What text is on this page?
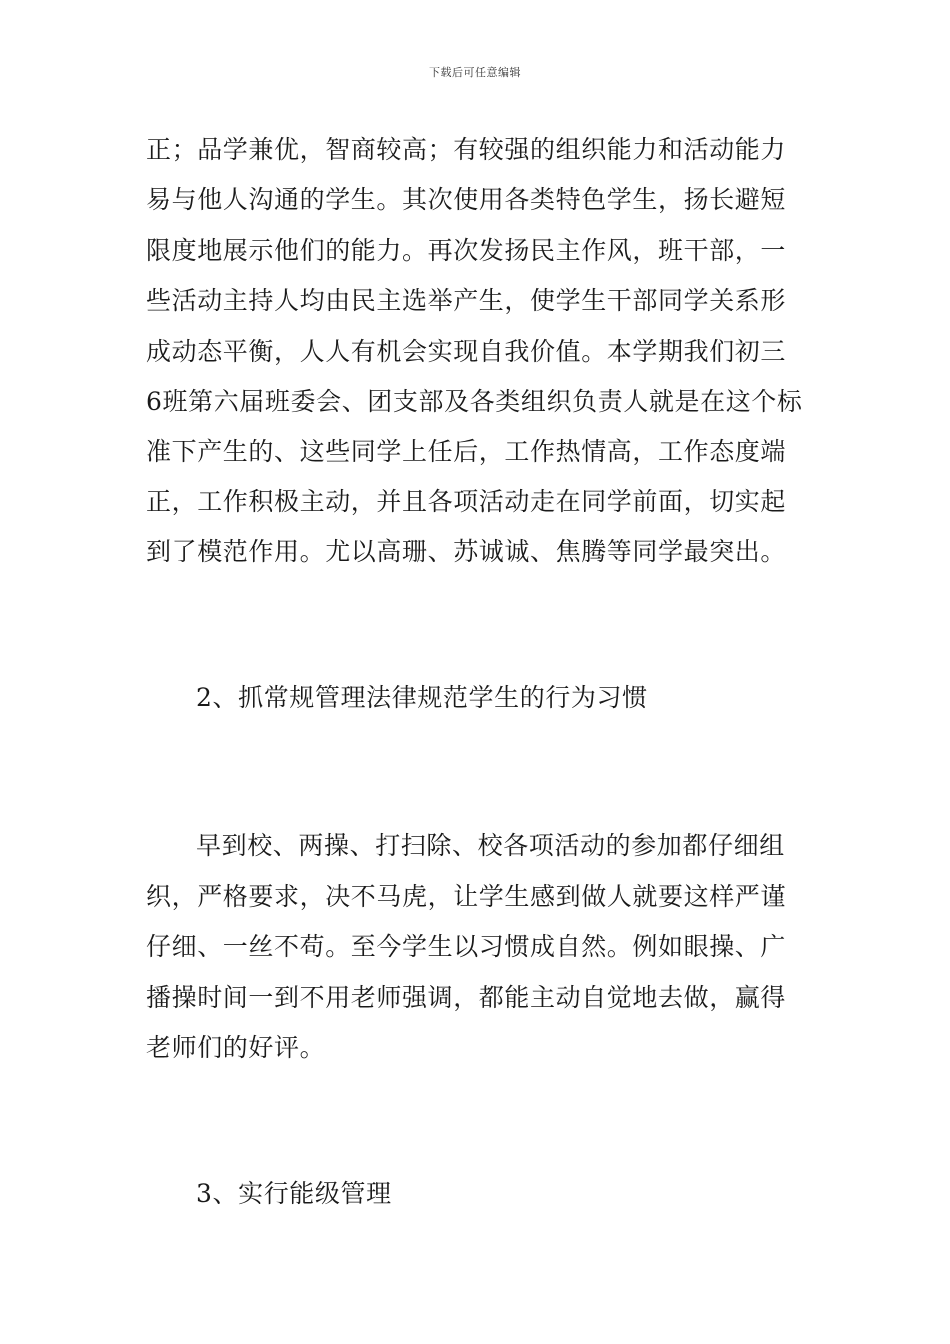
下载后可任意编辑
正；品学兼优，智商较高；有较强的组织能力和活动能力
易与他人沟通的学生。其次使用各类特色学生，扬长避短
限度地展示他们的能力。再次发扬民主作风，班干部，一
些活动主持人均由民主选举产生，使学生干部同学关系形
成动态平衡，人人有机会实现自我价值。本学期我们初三
6班第六届班委会、团支部及各类组织负责人就是在这个标
准下产生的、这些同学上任后，工作热情高，工作态度端
正，工作积极主动，并且各项活动走在同学前面，切实起
到了模范作用。尤以高珊、苏诚诚、焦腾等同学最突出。
2、抓常规管理法律规范学生的行为习惯
早到校、两操、打扫除、校各项活动的参加都仔细组
织，严格要求，决不马虎，让学生感到做人就要这样严谨
仔细、一丝不苟。至今学生以习惯成自然。例如眼操、广
播操时间一到不用老师强调，都能主动自觉地去做，赢得
老师们的好评。
3、实行能级管理
